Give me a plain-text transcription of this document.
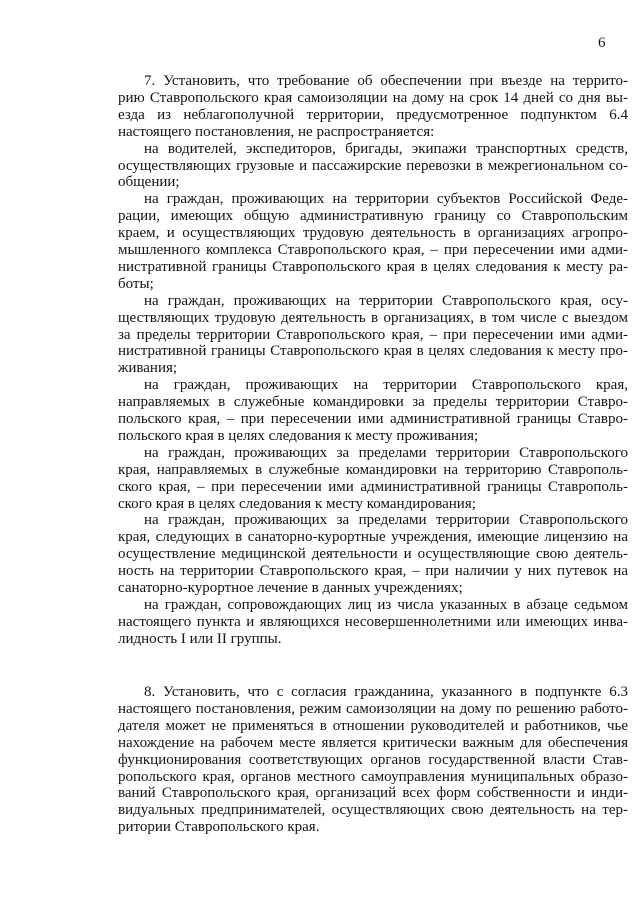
6
7. Установить, что требование об обеспечении при въезде на террито-
рию Ставропольского края самоизоляции на дому на срок 14 дней со дня вы-
езда из неблагополучной территории, предусмотренное подпунктом 6.4
настоящего постановления, не распространяется:
на водителей, экспедиторов, бригады, экипажи транспортных средств,
осуществляющих грузовые и пассажирские перевозки в межрегиональном со-
общении;
на граждан, проживающих на территории субъектов Российской Феде-
рации, имеющих общую административную границу со Ставропольским
краем, и осуществляющих трудовую деятельность в организациях агропро-
мышленного комплекса Ставропольского края, – при пересечении ими адми-
нистративной границы Ставропольского края в целях следования к месту ра-
боты;
на граждан, проживающих на территории Ставропольского края, осу-
ществляющих трудовую деятельность в организациях, в том числе с выездом
за пределы территории Ставропольского края, – при пересечении ими адми-
нистративной границы Ставропольского края в целях следования к месту про-
живания;
на граждан, проживающих на территории Ставропольского края,
направляемых в служебные командировки за пределы территории Ставро-
польского края, – при пересечении ими административной границы Ставро-
польского края в целях следования к месту проживания;
на граждан, проживающих за пределами территории Ставропольского
края, направляемых в служебные командировки на территорию Ставрополь-
ского края, – при пересечении ими административной границы Ставрополь-
ского края в целях следования к месту командирования;
на граждан, проживающих за пределами территории Ставропольского
края, следующих в санаторно-курортные учреждения, имеющие лицензию на
осуществление медицинской деятельности и осуществляющие свою деятель-
ность на территории Ставропольского края, – при наличии у них путевок на
санаторно-курортное лечение в данных учреждениях;
на граждан, сопровождающих лиц из числа указанных в абзаце седьмом
настоящего пункта и являющихся несовершеннолетними или имеющих инва-
лидность I или II группы.
8. Установить, что с согласия гражданина, указанного в подпункте 6.3
настоящего постановления, режим самоизоляции на дому по решению работо-
дателя может не применяться в отношении руководителей и работников, чье
нахождение на рабочем месте является критически важным для обеспечения
функционирования соответствующих органов государственной власти Став-
ропольского края, органов местного самоуправления муниципальных образо-
ваний Ставропольского края, организаций всех форм собственности и инди-
видуальных предпринимателей, осуществляющих свою деятельность на тер-
ритории Ставропольского края.
